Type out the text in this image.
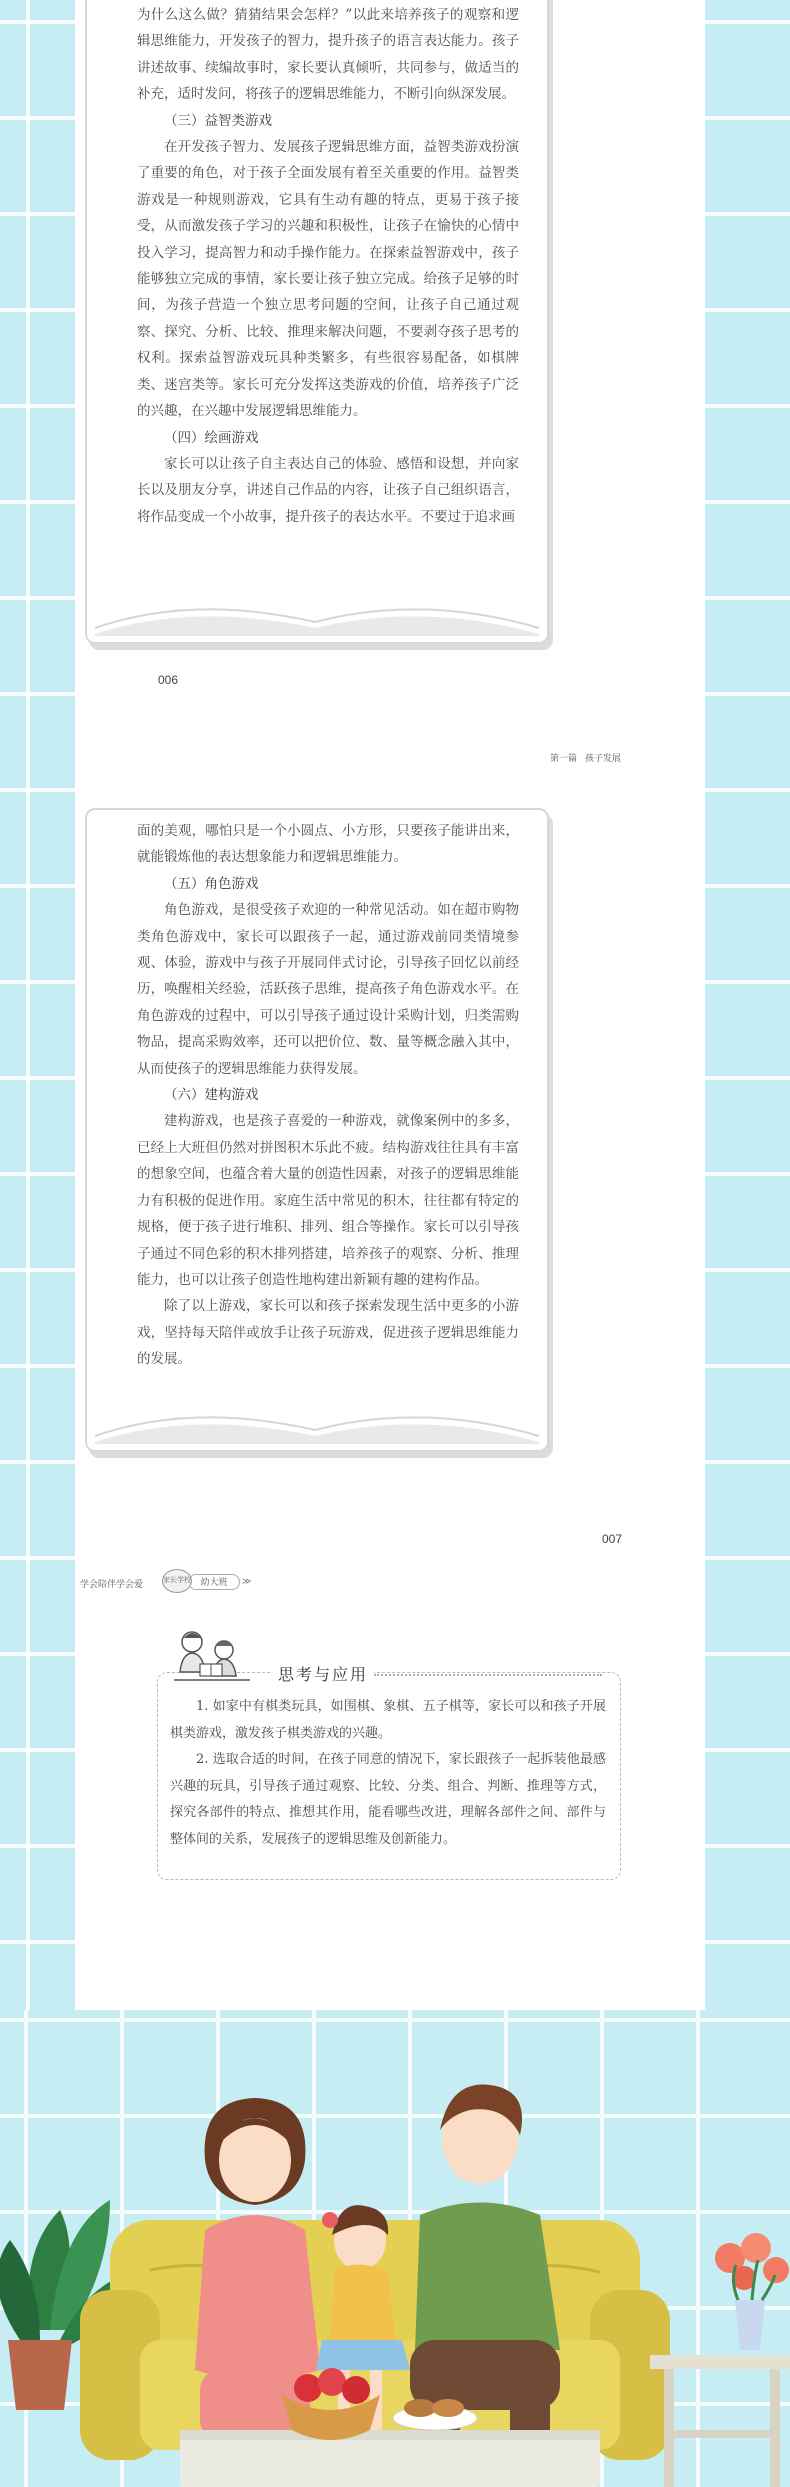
为什么这么做？猜猜结果会怎样？”以此来培养孩子的观察和逻辑思维能力，开发孩子的智力，提升孩子的语言表达能力。孩子讲述故事、续编故事时，家长要认真倾听，共同参与，做适当的补充，适时发问，将孩子的逻辑思维能力，不断引向纵深发展。

（三）益智类游戏

在开发孩子智力、发展孩子逻辑思维方面，益智类游戏扮演了重要的角色，对于孩子全面发展有着至关重要的作用。益智类游戏是一种规则游戏，它具有生动有趣的特点，更易于孩子接受，从而激发孩子学习的兴趣和积极性，让孩子在愉快的心情中投入学习，提高智力和动手操作能力。在探索益智游戏中，孩子能够独立完成的事情，家长要让孩子独立完成。给孩子足够的时间，为孩子营造一个独立思考问题的空间，让孩子自己通过观察、探究、分析、比较、推理来解决问题，不要剥夺孩子思考的权利。探索益智游戏玩具种类繁多，有些很容易配备，如棋牌类、迷宫类等。家长可充分发挥这类游戏的价值，培养孩子广泛的兴趣，在兴趣中发展逻辑思维能力。

（四）绘画游戏

家长可以让孩子自主表达自己的体验、感悟和设想，并向家长以及朋友分享，讲述自己作品的内容，让孩子自己组织语言，将作品变成一个小故事，提升孩子的表达水平。不要过于追求画

006
第一篇 孩子发展

面的美观，哪怕只是一个小圆点、小方形，只要孩子能讲出来，就能锻炼他的表达想象能力和逻辑思维能力。

（五）角色游戏

角色游戏，是很受孩子欢迎的一种常见活动。如在超市购物类角色游戏中，家长可以跟孩子一起，通过游戏前同类情境参观、体验，游戏中与孩子开展同伴式讨论，引导孩子回忆以前经历，唤醒相关经验，活跃孩子思维，提高孩子角色游戏水平。在角色游戏的过程中，可以引导孩子通过设计采购计划，归类需购物品，提高采购效率，还可以把价位、数、量等概念融入其中，从而使孩子的逻辑思维能力获得发展。

（六）建构游戏

建构游戏，也是孩子喜爱的一种游戏，就像案例中的多多，已经上大班但仍然对拼图积木乐此不疲。结构游戏往往具有丰富的想象空间，也蕴含着大量的创造性因素，对孩子的逻辑思维能力有积极的促进作用。家庭生活中常见的积木，往往都有特定的规格，便于孩子进行堆积、排列、组合等操作。家长可以引导孩子通过不同色彩的积木排列搭建，培养孩子的观察、分析、推理能力，也可以让孩子创造性地构建出新颖有趣的建构作品。

除了以上游戏，家长可以和孩子探索发现生活中更多的小游戏，坚持每天陪伴或放手让孩子玩游戏，促进孩子逻辑思维能力的发展。

007
学会陪伴学会爱	幼大班
家长学校	≫
思考与应用

1. 如家中有棋类玩具，如围棋、象棋、五子棋等，家长可以和孩子开展棋类游戏，激发孩子棋类游戏的兴趣。

2. 选取合适的时间，在孩子同意的情况下，家长跟孩子一起拆装他最感兴趣的玩具，引导孩子通过观察、比较、分类、组合、判断、推理等方式，探究各部件的特点、推想其作用，能看哪些改进，理解各部件之间、部件与整体间的关系，发展孩子的逻辑思维及创新能力。
